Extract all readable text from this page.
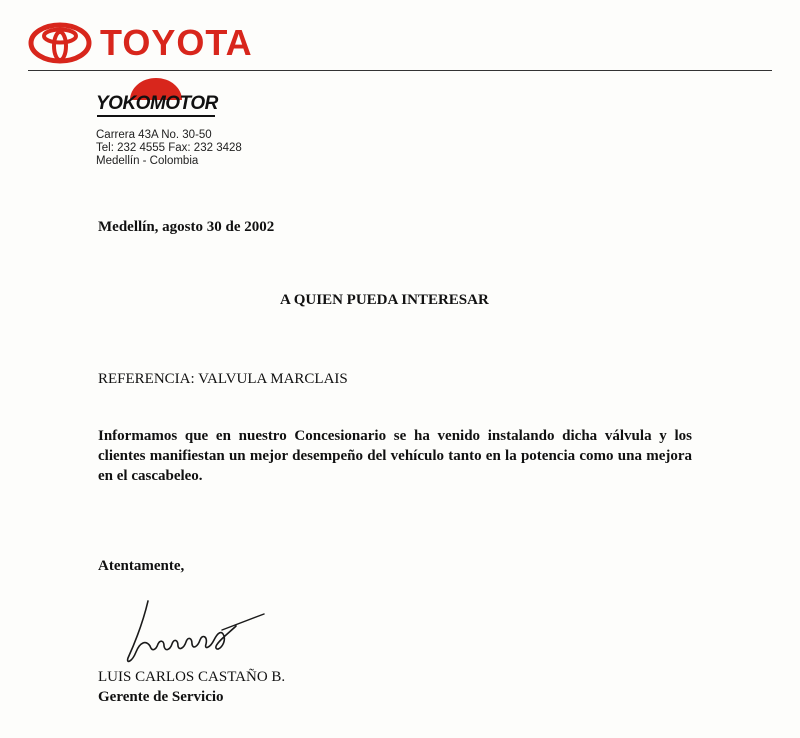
TOYOTA
YOKOMOTOR
Carrera 43A No. 30-50
Tel: 232 4555 Fax: 232 3428
Medellín - Colombia
Medellín, agosto 30 de 2002
A QUIEN PUEDA INTERESAR
REFERENCIA: VALVULA MARCLAIS
Informamos que en nuestro Concesionario se ha venido instalando dicha válvula y los clientes manifiestan un mejor desempeño del vehículo tanto en la potencia como una mejora en el cascabeleo.
Atentamente,
LUIS CARLOS CASTAÑO B.
Gerente de Servicio
